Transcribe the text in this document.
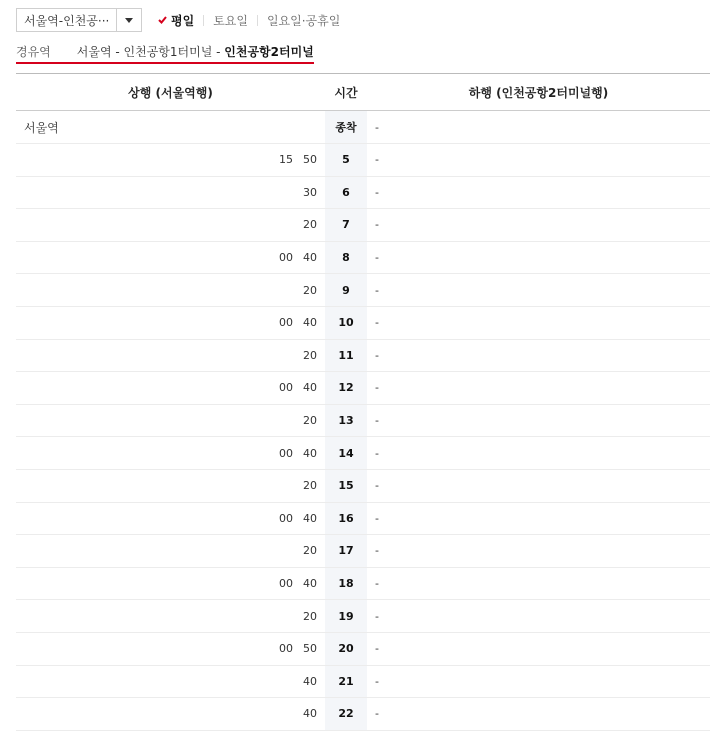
서울역-인천공···	평일	토요일	일요일·공휴일
경유역 서울역 - 인천공항1터미널 - 인천공항2터미널
상행 (서울역행)	시간	하행 (인천공항2터미널행)
서울역	종착	-
15 50	5	-
30	6	-
20	7	-
00 40	8	-
20	9	-
00 40	10	-
20	11	-
00 40	12	-
20	13	-
00 40	14	-
20	15	-
00 40	16	-
20	17	-
00 40	18	-
20	19	-
00 50	20	-
40	21	-
40	22	-
